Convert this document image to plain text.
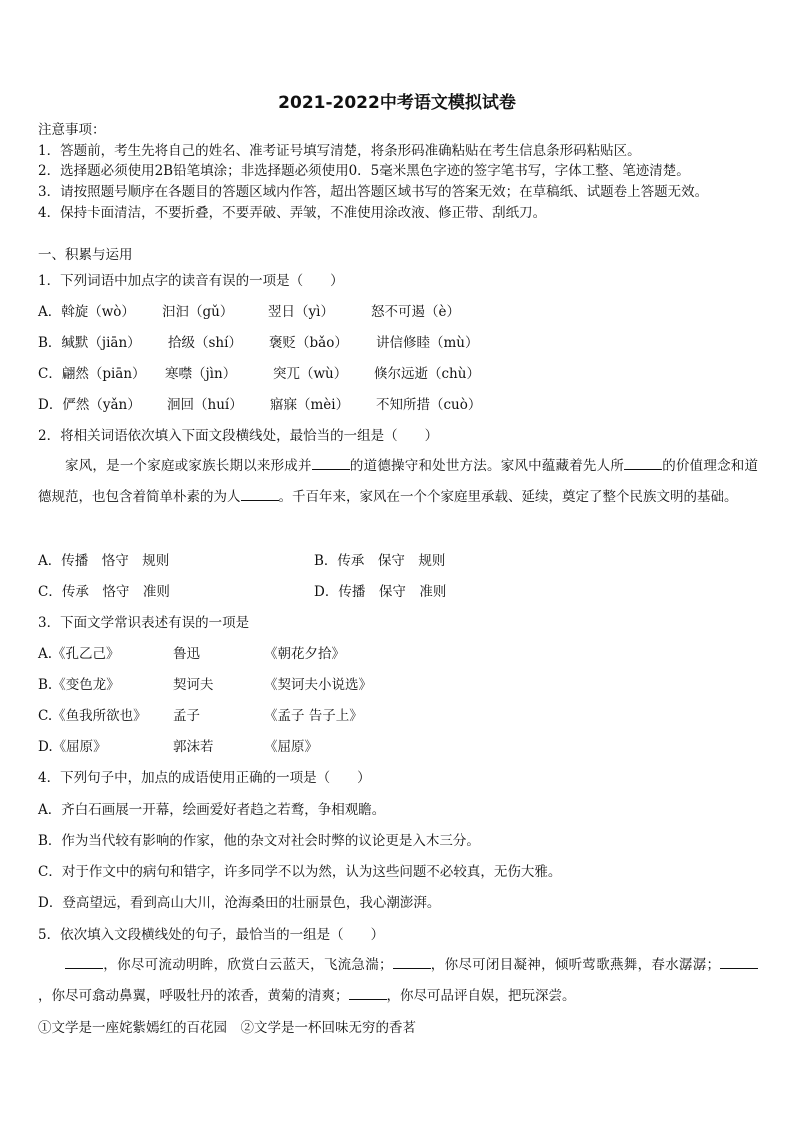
2021-2022中考语文模拟试卷
注意事项：
1．答题前，考生先将自己的姓名、准考证号填写清楚，将条形码准确粘贴在考生信息条形码粘贴区。
2．选择题必须使用2B铅笔填涂；非选择题必须使用0．5毫米黑色字迹的签字笔书写，字体工整、笔迹清楚。
3．请按照题号顺序在各题目的答题区域内作答，超出答题区域书写的答案无效；在草稿纸、试题卷上答题无效。
4．保持卡面清洁，不要折叠，不要弄破、弄皱，不准使用涂改液、修正带、刮纸刀。
一、积累与运用
1．下列词语中加点字的读音有误的一项是（　　）
A．斡旋（wò） 汩汩（gǔ）	翌日（yì）	怒不可遏（è）
B．缄默（jiān） 拾级（shí） 褒贬（bǎo） 讲信修睦（mù）
C．翩然（piān） 寒噤（jìn）	突兀（wù） 倏尔远逝（chù）
D．俨然（yǎn） 洄回（huí） 寤寐（mèi） 不知所措（cuò）
2．将相关词语依次填入下面文段横线处，最恰当的一组是（　　）

家风，是一个家庭或家族长期以来形成并	的道德操守和处世方法。家风中蕴藏着先人所	的价值理念和道德规范，也包含着简单朴素的为人	。千百年来，家风在一个个家庭里承载、延续，奠定了整个民族文明的基础。

A．传播　恪守　规则	B．传承　保守　规则
C．传承　恪守　准则	D．传播　保守　准则
3．下面文学常识表述有误的一项是
A.《孔乙己》	鲁迅	《朝花夕拾》
B.《变色龙》	契诃夫	《契诃夫小说选》
C.《鱼我所欲也》 孟子	《孟子 告子上》
D.《屈原》	郭沫若	《屈原》
4．下列句子中，加点的成语使用正确的一项是（　　）
A．齐白石画展一开幕，绘画爱好者趋之若鹜，争相观瞻。
B．作为当代较有影响的作家，他的杂文对社会时弊的议论更是入木三分。
C．对于作文中的病句和错字，许多同学不以为然，认为这些问题不必较真，无伤大雅。
D．登高望远，看到高山大川，沧海桑田的壮丽景色，我心潮澎湃。
5．依次填入文段横线处的句子，最恰当的一组是（　　）

，你尽可流动明眸，欣赏白云蓝天，飞流急湍；	，你尽可闭目凝神，倾听莺歌燕舞，春水潺潺；，你尽可翕动鼻翼，呼吸牡丹的浓香，黄菊的清爽；	，你尽可品评自娱，把玩深尝。

①文学是一座姹紫嫣红的百花园　②文学是一杯回味无穷的香茗
